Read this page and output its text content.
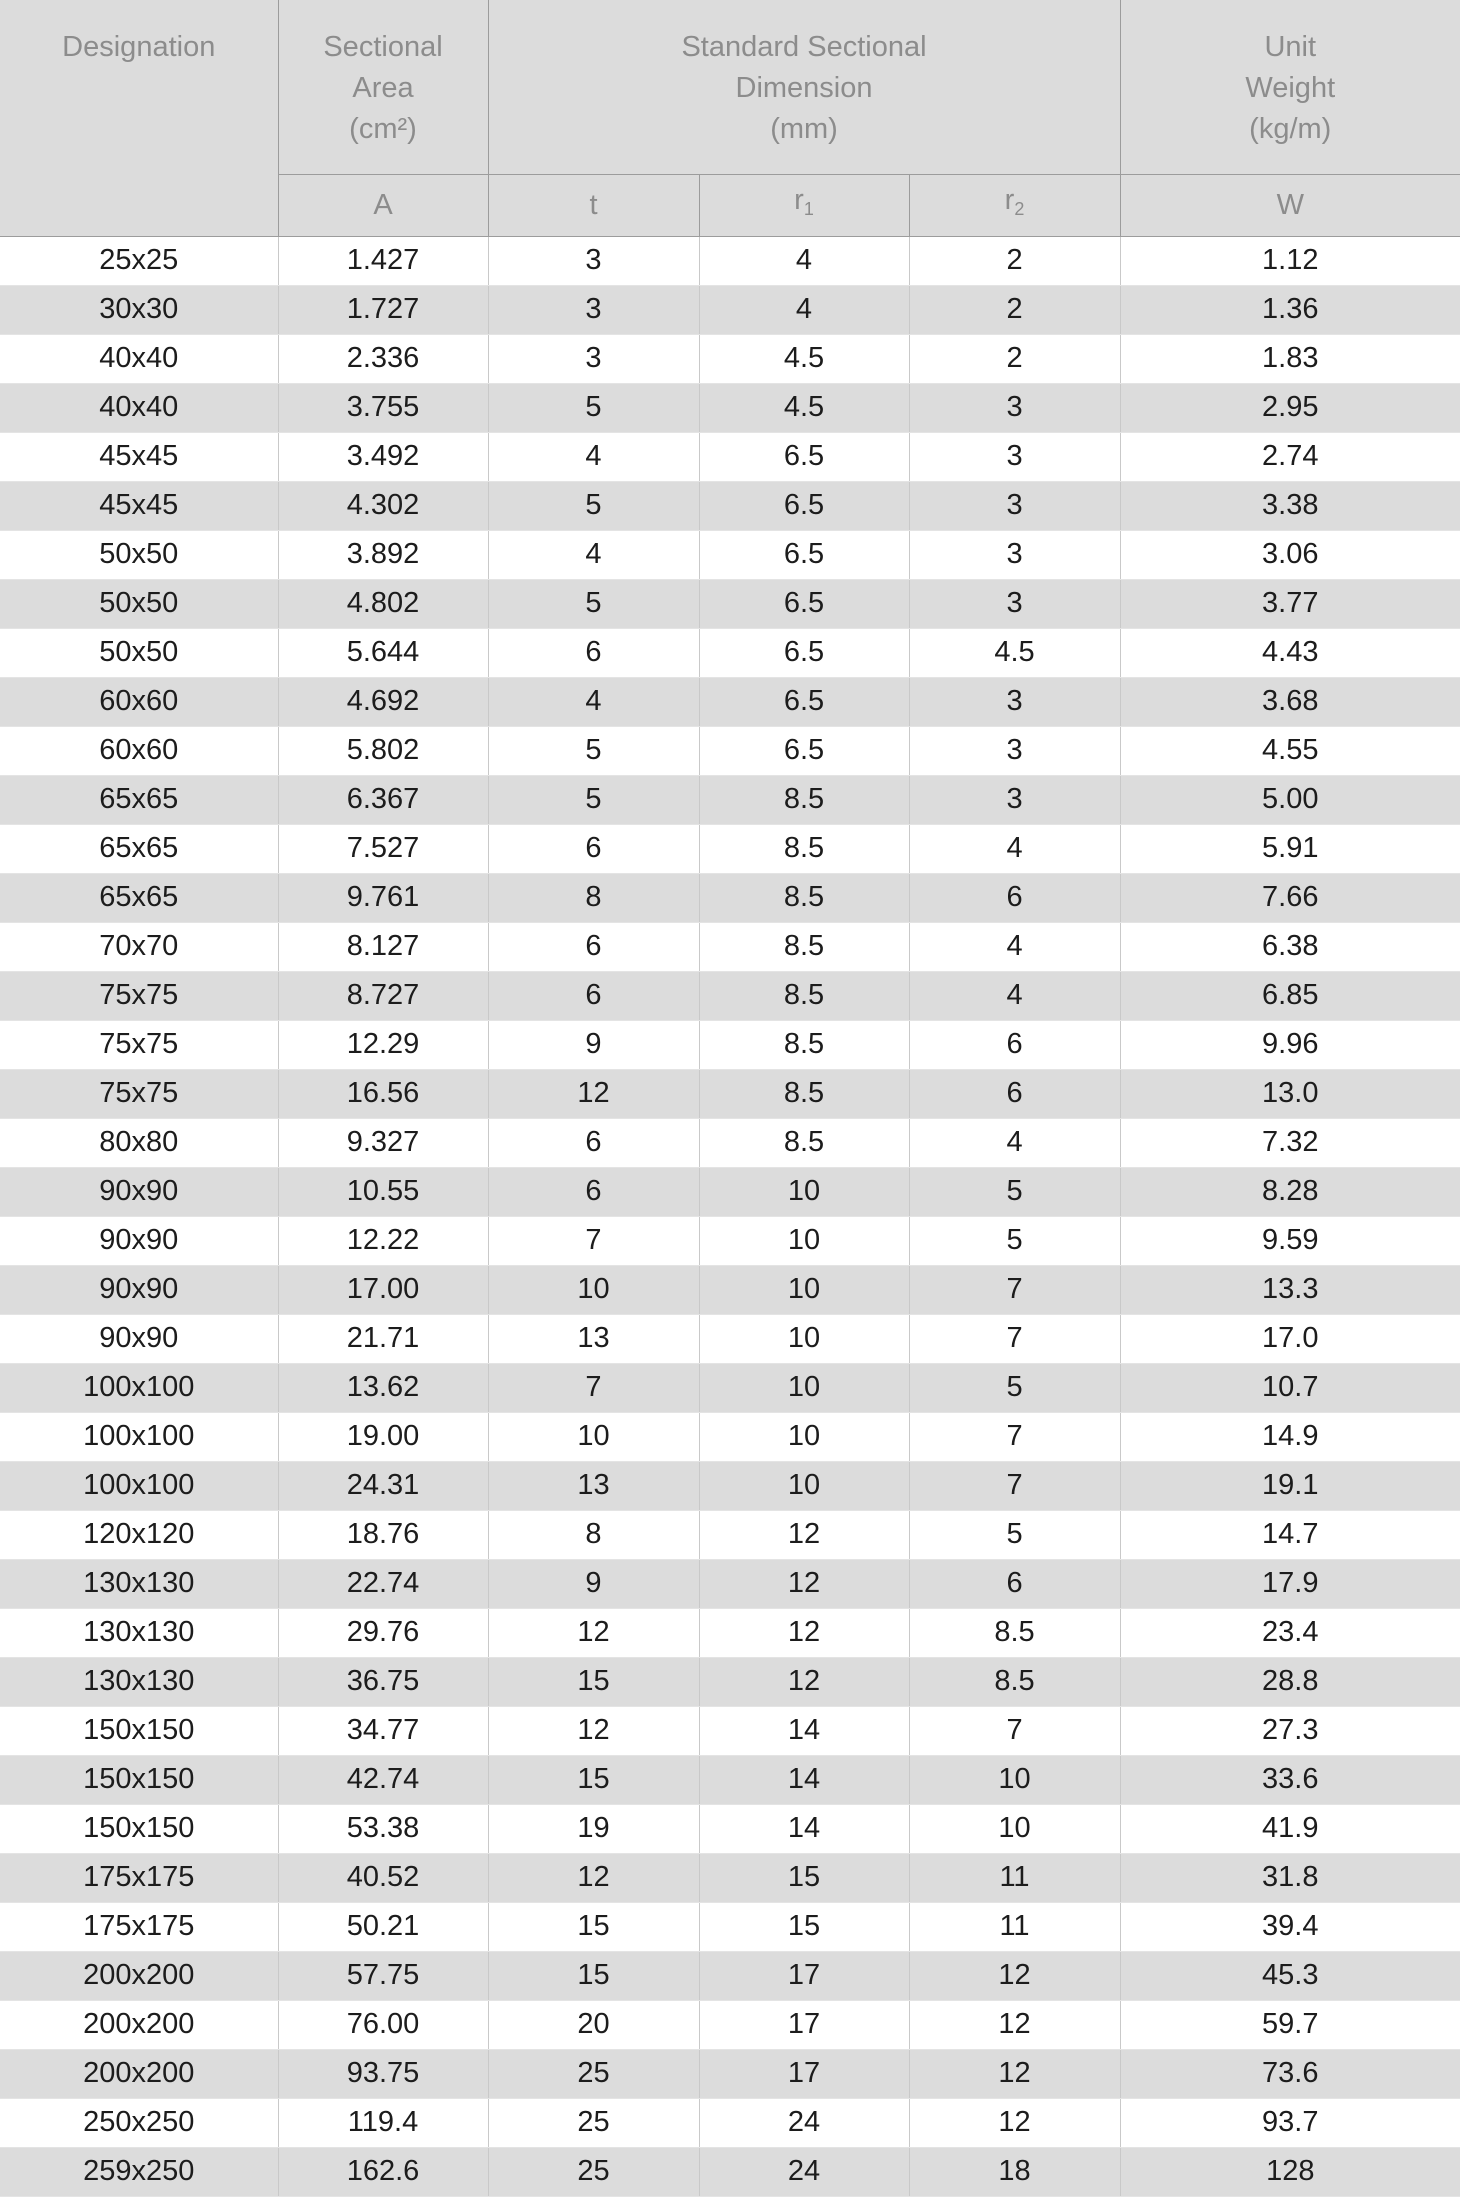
Designation	Sectional
Area
(cm²)	Standard Sectional
Dimension
(mm)			Unit
Weight
(kg/m)

	A	t	$r_1$	$r_2$	W
25x25	1.427	3	4	2	1.12
30x30	1.727	3	4	2	1.36
40x40	2.336	3	4.5	2	1.83
40x40	3.755	5	4.5	3	2.95
45x45	3.492	4	6.5	3	2.74
45x45	4.302	5	6.5	3	3.38
50x50	3.892	4	6.5	3	3.06
50x50	4.802	5	6.5	3	3.77
50x50	5.644	6	6.5	4.5	4.43
60x60	4.692	4	6.5	3	3.68
60x60	5.802	5	6.5	3	4.55
65x65	6.367	5	8.5	3	5.00
65x65	7.527	6	8.5	4	5.91
65x65	9.761	8	8.5	6	7.66
70x70	8.127	6	8.5	4	6.38
75x75	8.727	6	8.5	4	6.85
75x75	12.29	9	8.5	6	9.96
75x75	16.56	12	8.5	6	13.0
80x80	9.327	6	8.5	4	7.32
90x90	10.55	6	10	5	8.28
90x90	12.22	7	10	5	9.59
90x90	17.00	10	10	7	13.3
90x90	21.71	13	10	7	17.0
100x100	13.62	7	10	5	10.7
100x100	19.00	10	10	7	14.9
100x100	24.31	13	10	7	19.1
120x120	18.76	8	12	5	14.7
130x130	22.74	9	12	6	17.9
130x130	29.76	12	12	8.5	23.4
130x130	36.75	15	12	8.5	28.8
150x150	34.77	12	14	7	27.3
150x150	42.74	15	14	10	33.6
150x150	53.38	19	14	10	41.9
175x175	40.52	12	15	11	31.8
175x175	50.21	15	15	11	39.4
200x200	57.75	15	17	12	45.3
200x200	76.00	20	17	12	59.7
200x200	93.75	25	17	12	73.6
250x250	119.4	25	24	12	93.7
259x250	162.6	25	24	18	128
